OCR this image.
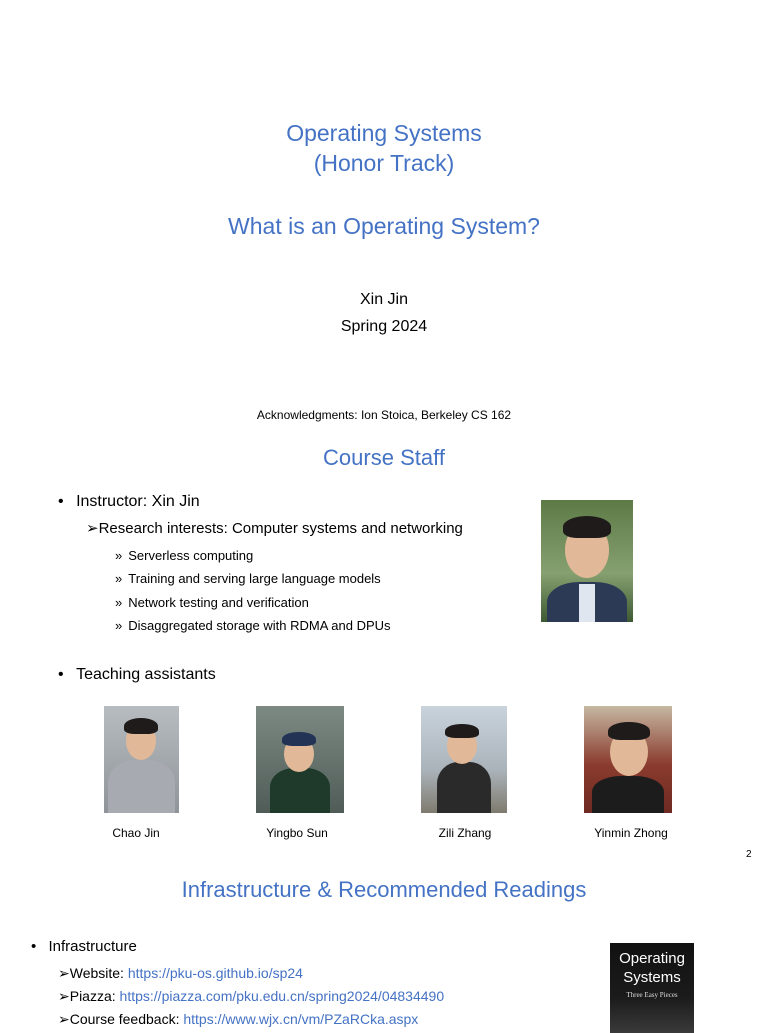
Operating Systems
(Honor Track)
What is an Operating System?
Xin Jin
Spring 2024
Acknowledgments: Ion Stoica, Berkeley CS 162
Course Staff
• Instructor: Xin Jin
➢Research interests: Computer systems and networking
» Serverless computing
» Training and serving large language models
» Network testing and verification
» Disaggregated storage with RDMA and DPUs
• Teaching assistants
Chao Jin	Yingbo Sun	Zili Zhang	Yinmin Zhong
2
Infrastructure & Recommended Readings
• Infrastructure
➢Website: https://pku-os.github.io/sp24
➢Piazza: https://piazza.com/pku.edu.cn/spring2024/04834490
➢Course feedback: https://www.wjx.cn/vm/PZaRCka.aspx
Operating
Systems
Three Easy Pieces
